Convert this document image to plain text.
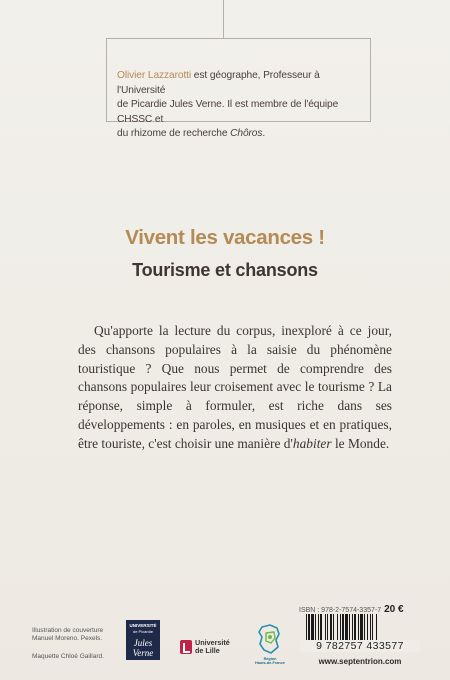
Olivier Lazzarotti est géographe, Professeur à l'Université
de Picardie Jules Verne. Il est membre de l'équipe CHSSC et
du rhizome de recherche Chôros.
Vivent les vacances !
Tourisme et chansons
Qu'apporte la lecture du corpus, inexploré à ce jour, des chansons populaires à la saisie du phénomène touristique ? Que nous permet de comprendre des chansons populaires leur croisement avec le tourisme ? La réponse, simple à formuler, est riche dans ses développements : en paroles, en musiques et en pratiques, être touriste, c'est choisir une manière d'habiter le Monde.
Illustration de couverture
Manuel Moreno. Pexels.
Maquette Chloé Gaillard.
UNIVERSITÉ
de Picardie
Jules Verne
Université
de Lille
Région
Hauts-de-France
ISBN : 978-2-7574-3357-7 20 €
9 782757 433577
www.septentrion.com
